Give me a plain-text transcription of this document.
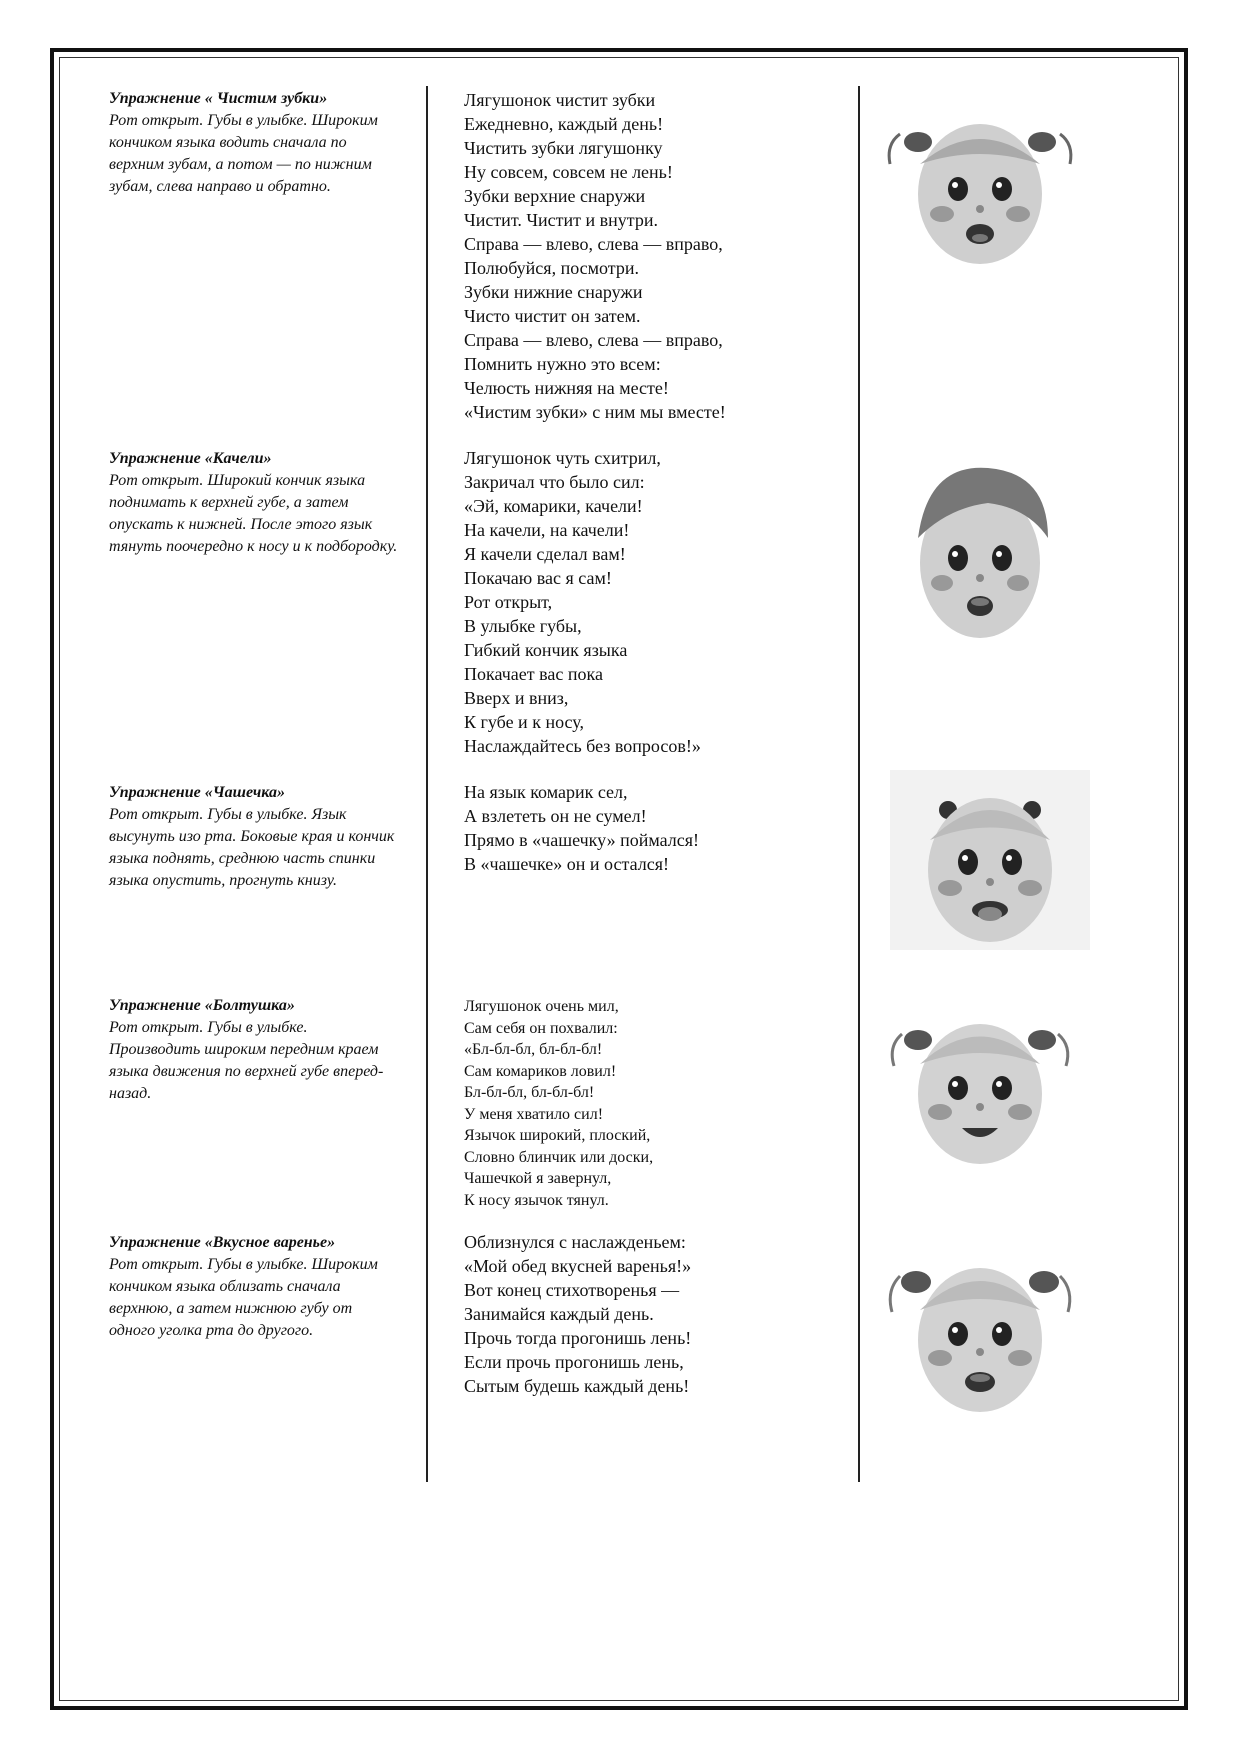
Упражнение « Чистим зубки»
Рот открыт. Губы в улыбке. Широким кончиком языка водить сначала по верхним зубам, а потом — по нижним зубам, слева направо и обратно.
Лягушонок чистит зубки
Ежедневно, каждый день!
Чистить зубки лягушонку
Ну совсем, совсем не лень!
Зубки верхние снаружи
Чистит. Чистит и внутри.
Справа — влево, слева — вправо,
Полюбуйся, посмотри.
Зубки нижние снаружи
Чисто чистит он затем.
Справа — влево, слева — вправо,
Помнить нужно это всем:
Челюсть нижняя на месте!
«Чистим зубки» с ним мы вместе!
Упражнение «Качели»
Рот открыт. Широкий кончик языка поднимать к верхней губе, а затем опускать к нижней. После этого язык тянуть поочередно к носу и к подбородку.
Лягушонок чуть схитрил,
Закричал что было сил:
«Эй, комарики, качели!
На качели, на качели!
Я качели сделал вам!
Покачаю вас я сам!
Рот открыт,
В улыбке губы,
Гибкий кончик языка
Покачает вас пока
Вверх и вниз,
К губе и к носу,
Наслаждайтесь без вопросов!»
Упражнение «Чашечка»
Рот открыт. Губы в улыбке. Язык высунуть изо рта. Боковые края и кончик языка поднять, среднюю часть спинки языка опустить, прогнуть книзу.
На язык комарик сел,
А взлететь он не сумел!
Прямо в «чашечку» поймался!
В «чашечке» он и остался!
Упражнение «Болтушка»
Рот открыт. Губы в улыбке. Производить широким передним краем языка движения по верхней губе вперед-назад.
Лягушонок очень мил,
Сам себя он похвалил:
«Бл-бл-бл, бл-бл-бл!
Сам комариков ловил!
Бл-бл-бл, бл-бл-бл!
У меня хватило сил!
Язычок широкий, плоский,
Словно блинчик или доски,
Чашечкой я завернул,
К носу язычок тянул.
Упражнение «Вкусное варенье»
Рот открыт. Губы в улыбке. Широким кончиком языка облизать сначала верхнюю, а затем нижнюю губу от одного уголка рта до другого.
Облизнулся с наслажденьем:
«Мой обед вкусней варенья!»
Вот конец стихотворенья —
Занимайся каждый день.
Прочь тогда прогонишь лень!
Если прочь прогонишь лень,
Сытым будешь каждый день!
